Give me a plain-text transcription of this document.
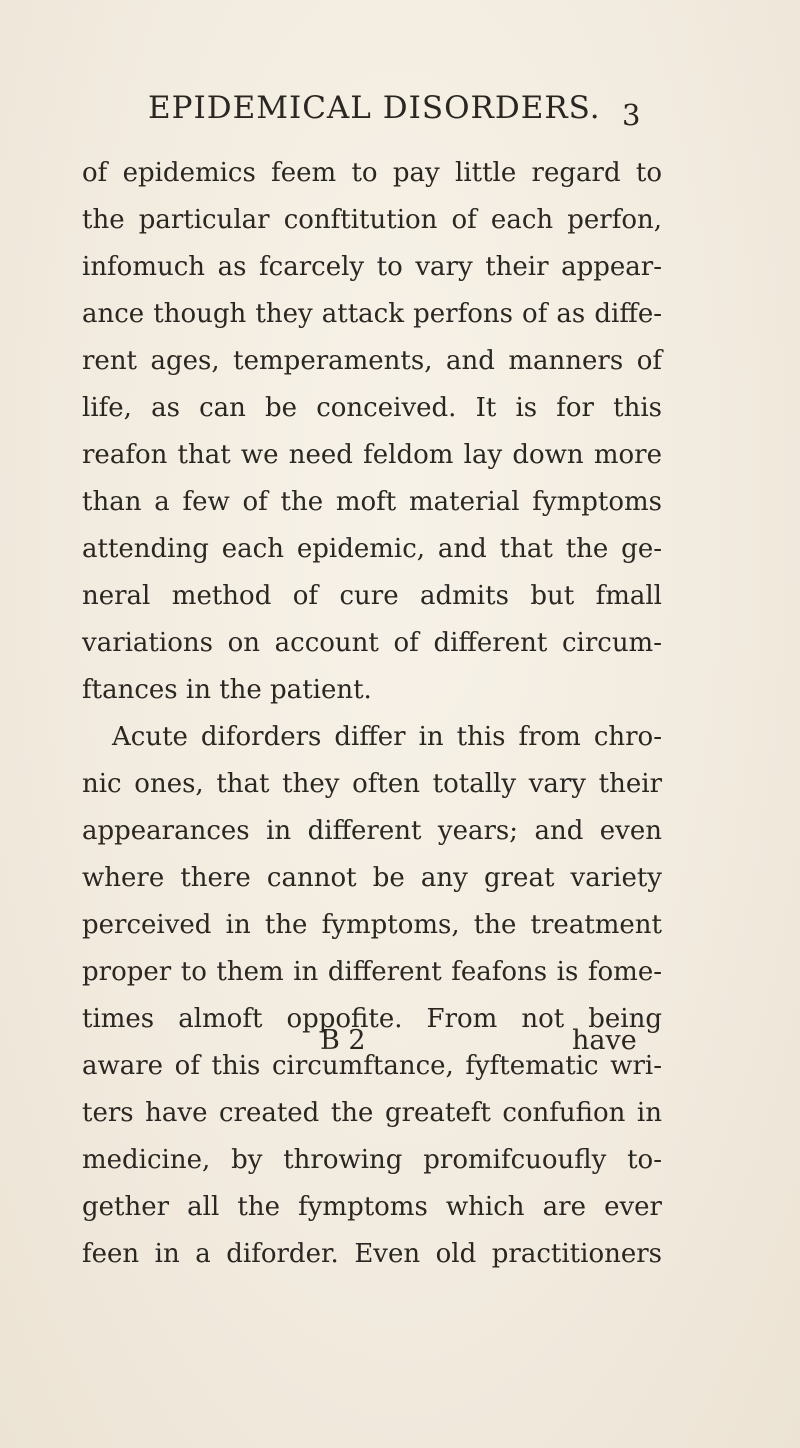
EPIDEMICAL DISORDERS. 3
of epidemics feem to pay little regard to
the particular conftitution of each perfon,
infomuch as fcarcely to vary their appear-
ance though they attack perfons of as diffe-
rent ages, temperaments, and manners of
life, as can be conceived. It is for this
reafon that we need feldom lay down more
than a few of the moft material fymptoms
attending each epidemic, and that the ge-
neral method of cure admits but fmall
variations on account of different circum-
ftances in the patient.
Acute diforders differ in this from chro-
nic ones, that they often totally vary their
appearances in different years; and even
where there cannot be any great variety
perceived in the fymptoms, the treatment
proper to them in different feafons is fome-
times almoft oppofite. From not being
aware of this circumftance, fyftematic wri-
ters have created the greateft confufion in
medicine, by throwing promifcuoufly to-
gether all the fymptoms which are ever
feen in a diforder. Even old practitioners
B 2	have
